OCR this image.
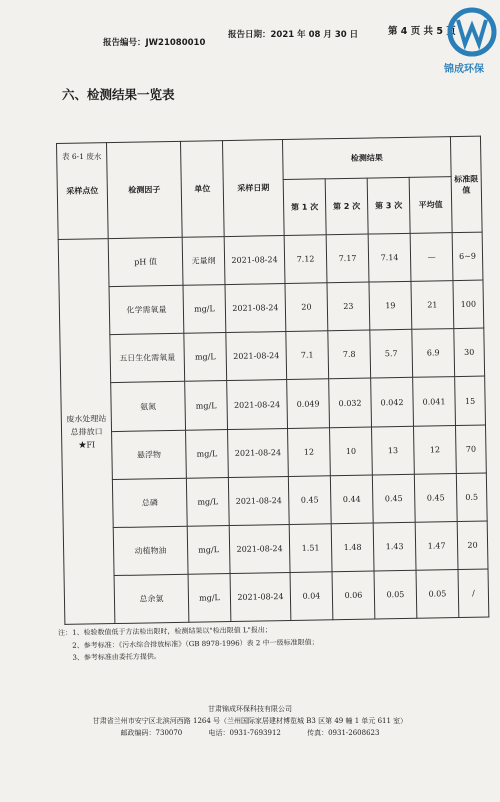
报告编号：JW21080010
报告日期：2021 年 08 月 30 日	第 4 页 共 5 页
锦成环保
六、检测结果一览表
表 6-1 废水
采样点位	检测因子	单位	采样日期	检测结果				标准限值
				第 1 次	第 2 次	第 3 次	平均值	
废水处理站总排放口★FI	pH 值	无量纲	2021-08-24	7.12	7.17	7.14	—	6~9
	化学需氧量	mg/L	2021-08-24	20	23	19	21	100
	五日生化需氧量	mg/L	2021-08-24	7.1	7.8	5.7	6.9	30
	氨氮	mg/L	2021-08-24	0.049	0.032	0.042	0.041	15
	悬浮物	mg/L	2021-08-24	12	10	13	12	70
	总磷	mg/L	2021-08-24	0.45	0.44	0.45	0.45	0.5
	动植物油	mg/L	2021-08-24	1.51	1.48	1.43	1.47	20
	总余氯	mg/L	2021-08-24	0.04	0.06	0.05	0.05	/
注：1、检验数值低于方法检出限时，检测结果以"检出限值 L"报出；
2、参考标准：《污水综合排放标准》（GB 8978-1996）表 2 中一级标准限值；
3、参考标准由委托方提供。
甘肃锦成环保科技有限公司
甘肃省兰州市安宁区北滨河西路 1264 号（兰州国际家居建材博览城 B3 区第 49 幢 1 单元 611 室）
邮政编码：730070	电话：0931-7693912	传真：0931-2608623
